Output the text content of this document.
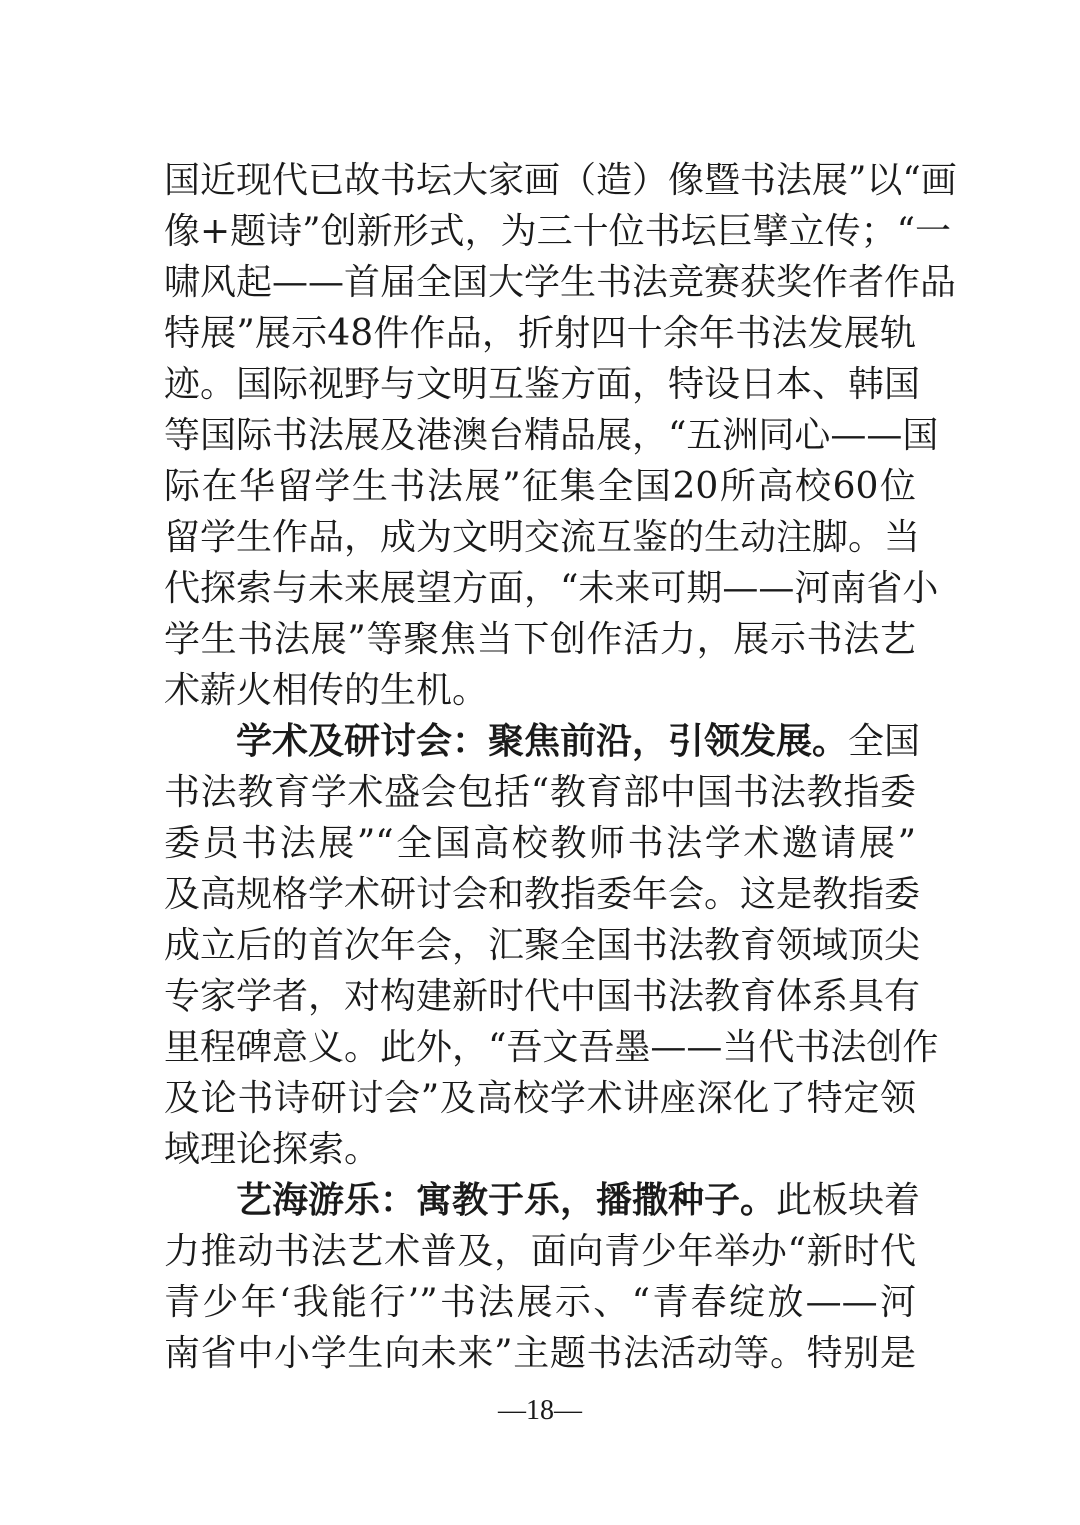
国近现代已故书坛大家画（造）像暨书法展”以“画
像+题诗”创新形式，为三十位书坛巨擘立传；“一
啸风起——首届全国大学生书法竞赛获奖作者作品
特展”展示48件作品，折射四十余年书法发展轨
迹。国际视野与文明互鉴方面，特设日本、韩国
等国际书法展及港澳台精品展，“五洲同心——国
际在华留学生书法展”征集全国20所高校60位
留学生作品，成为文明交流互鉴的生动注脚。当
代探索与未来展望方面，“未来可期——河南省小
学生书法展”等聚焦当下创作活力，展示书法艺
术薪火相传的生机。
学术及研讨会：聚焦前沿，引领发展。全国
书法教育学术盛会包括“教育部中国书法教指委
委员书法展”“全国高校教师书法学术邀请展”
及高规格学术研讨会和教指委年会。这是教指委
成立后的首次年会，汇聚全国书法教育领域顶尖
专家学者，对构建新时代中国书法教育体系具有
里程碑意义。此外，“吾文吾墨——当代书法创作
及论书诗研讨会”及高校学术讲座深化了特定领
域理论探索。
艺海游乐：寓教于乐，播撒种子。此板块着
力推动书法艺术普及，面向青少年举办“新时代
青少年‘我能行’”书法展示、“青春绽放——河
南省中小学生向未来”主题书法活动等。特别是
—18—
